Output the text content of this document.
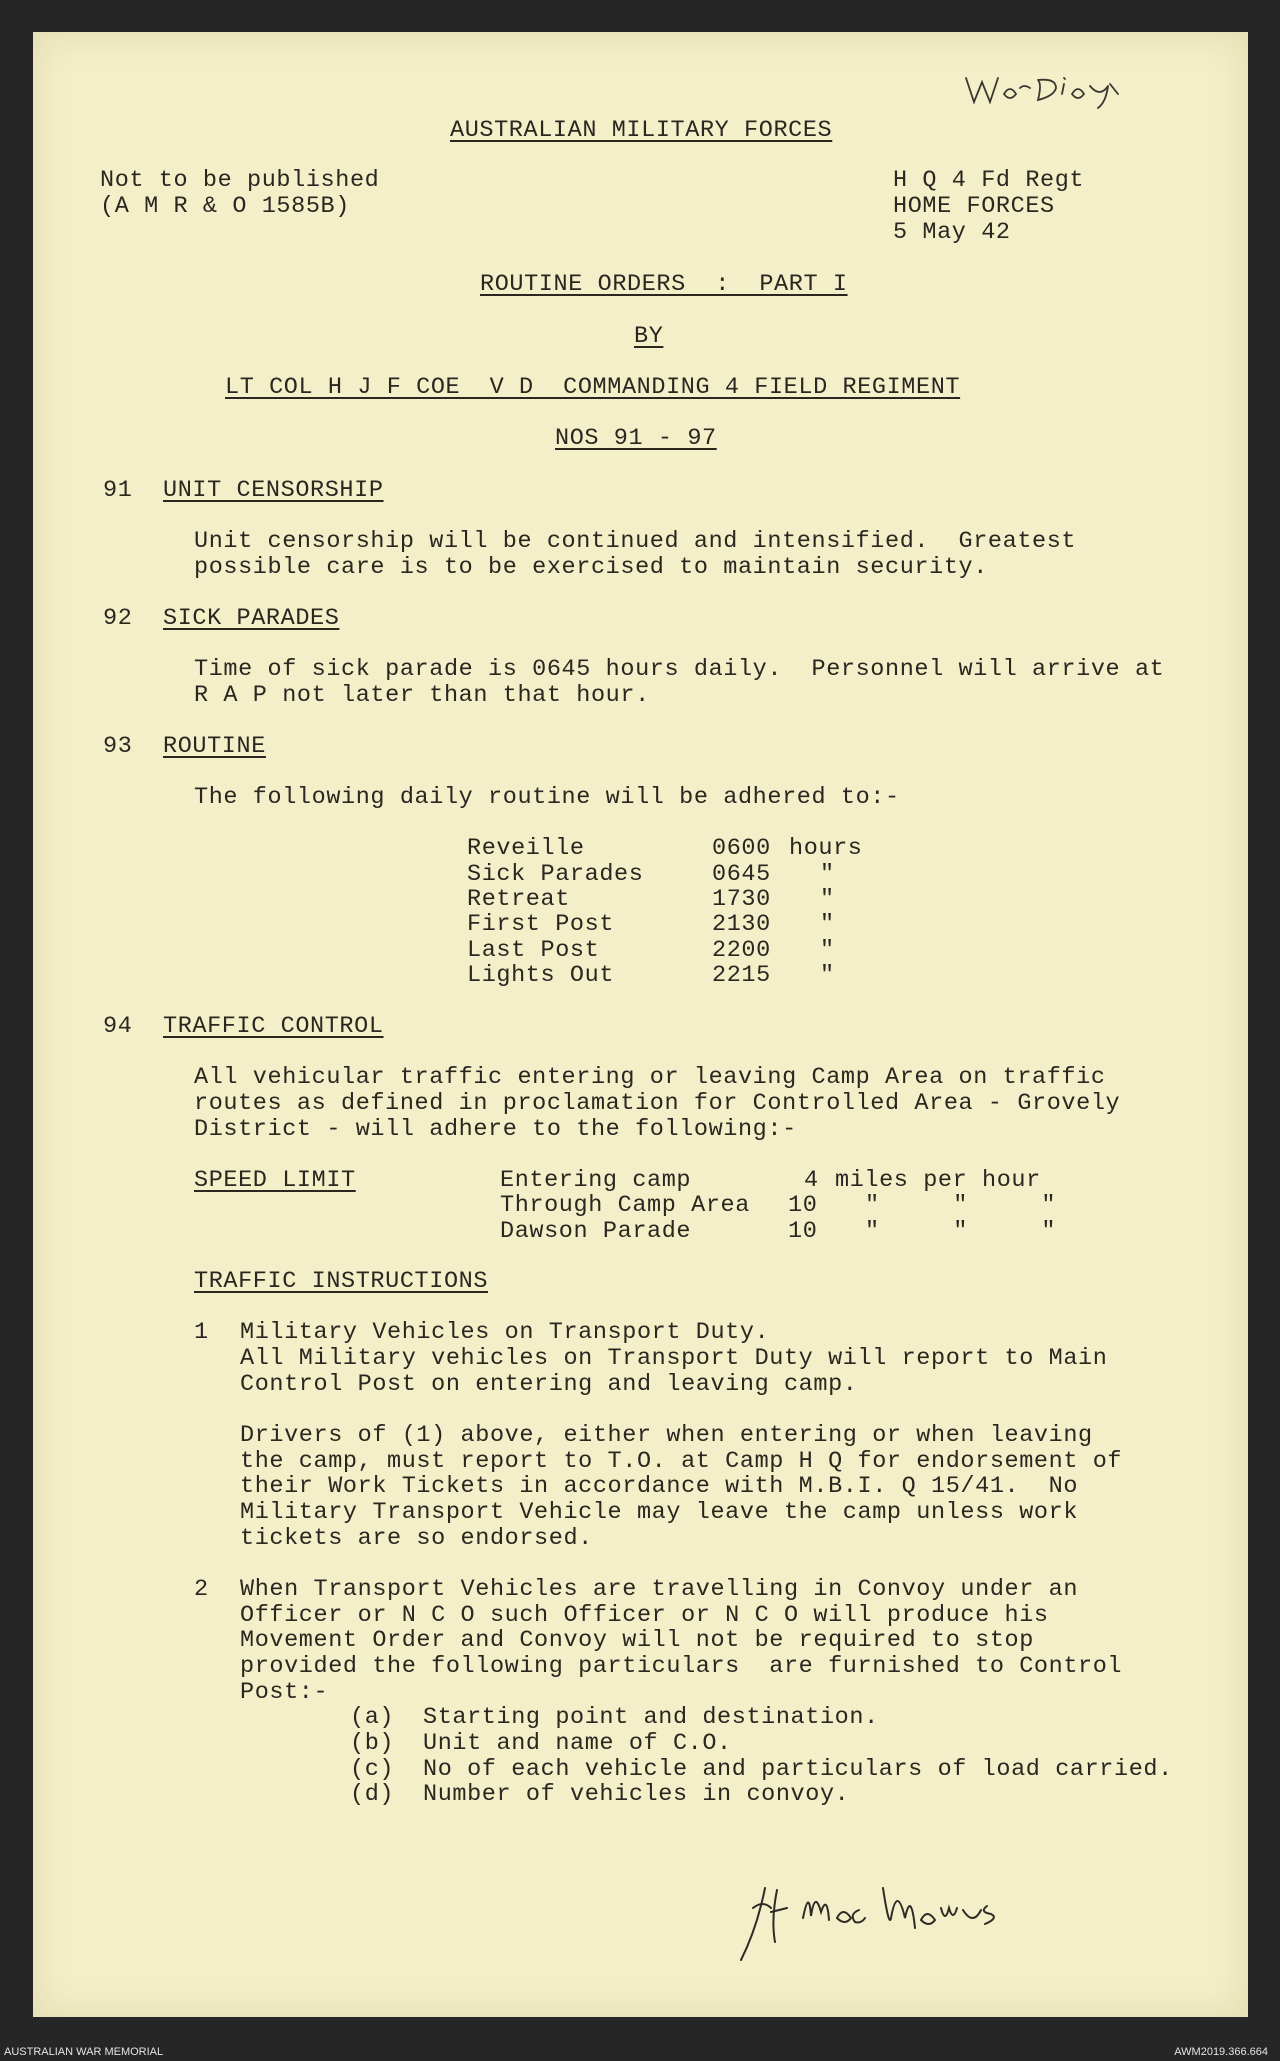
AUSTRALIAN MILITARY FORCES
Not to be published
(A M R & O 1585B)
H Q 4 Fd Regt
HOME FORCES
5 May 42
ROUTINE ORDERS  :  PART I
BY
LT COL H J F COE  V D  COMMANDING 4 FIELD REGIMENT
NOS 91 - 97
91 UNIT CENSORSHIP
Unit censorship will be continued and intensified.  Greatest
possible care is to be exercised to maintain security.
92 SICK PARADES
Time of sick parade is 0645 hours daily.  Personnel will arrive at
R A P not later than that hour.
93 ROUTINE
The following daily routine will be adhered to:-
Reveille	0600 hours
Sick Parades	0645 "
Retreat	1730 "
First Post	2130 "
Last Post	2200 "
Lights Out	2215 "
94 TRAFFIC CONTROL
All vehicular traffic entering or leaving Camp Area on traffic
routes as defined in proclamation for Controlled Area - Grovely
District - will adhere to the following:-
SPEED LIMIT	Entering camp	4 miles per hour
Through Camp Area 10 "     "     "
Dawson Parade	10 "     "     "
TRAFFIC INSTRUCTIONS
1 Military Vehicles on Transport Duty.
All Military vehicles on Transport Duty will report to Main
Control Post on entering and leaving camp.
Drivers of (1) above, either when entering or when leaving
the camp, must report to T.O. at Camp H Q for endorsement of
their Work Tickets in accordance with M.B.I. Q 15/41.  No
Military Transport Vehicle may leave the camp unless work
tickets are so endorsed.
2 When Transport Vehicles are travelling in Convoy under an
Officer or N C O such Officer or N C O will produce his
Movement Order and Convoy will not be required to stop
provided the following particulars  are furnished to Control
Post:-
(a) Starting point and destination.
(b) Unit and name of C.O.
(c) No of each vehicle and particulars of load carried.
(d) Number of vehicles in convoy.
AUSTRALIAN WAR MEMORIAL	AWM2019.366.664
